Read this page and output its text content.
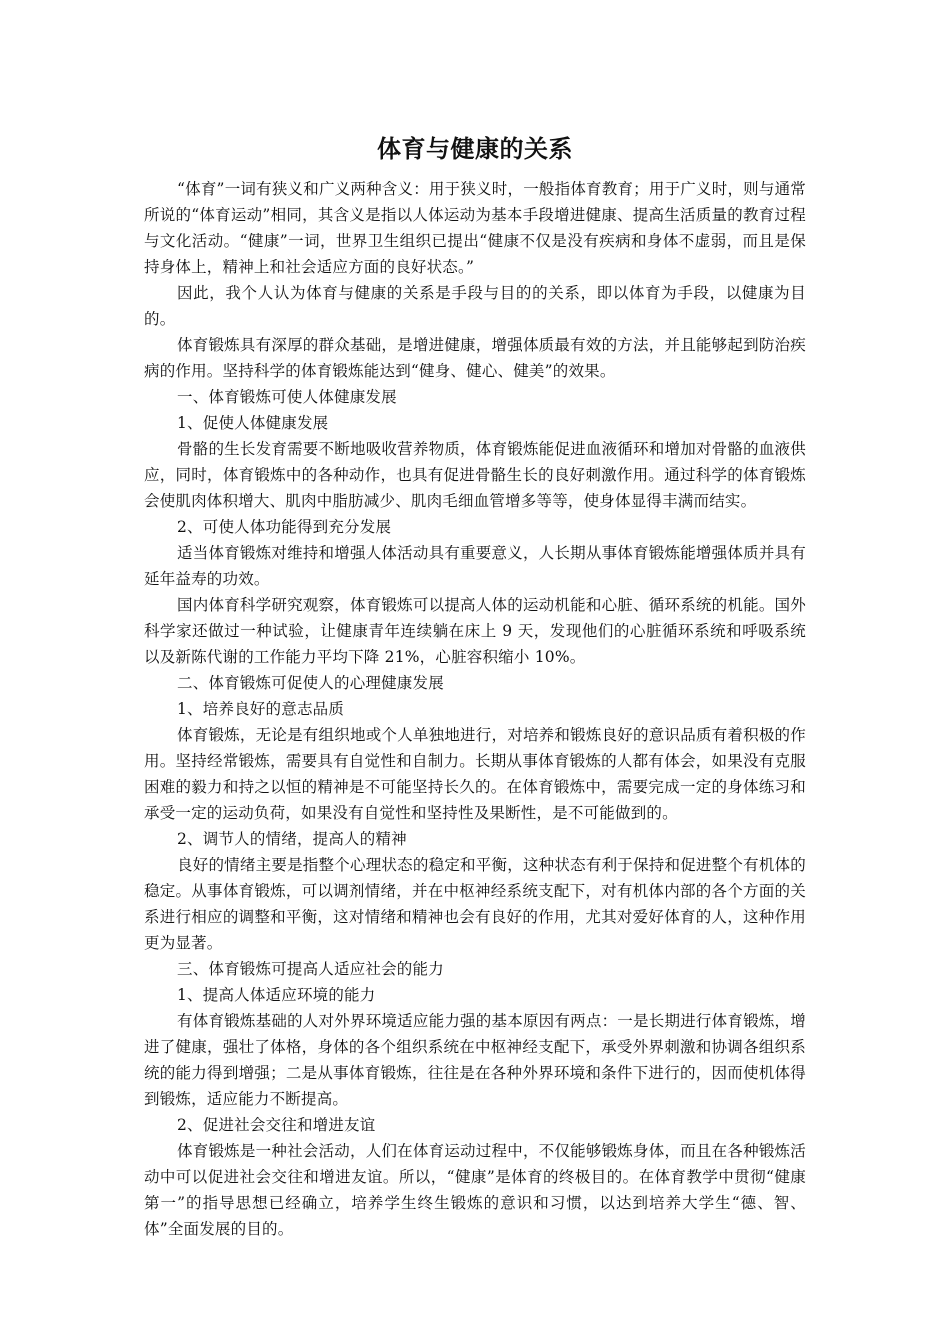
体育与健康的关系

“体育”一词有狭义和广义两种含义：用于狭义时，一般指体育教育；用于广义时，则与通常所说的“体育运动”相同，其含义是指以人体运动为基本手段增进健康、提高生活质量的教育过程与文化活动。“健康”一词，世界卫生组织已提出“健康不仅是没有疾病和身体不虚弱，而且是保持身体上，精神上和社会适应方面的良好状态。”

因此，我个人认为体育与健康的关系是手段与目的的关系，即以体育为手段，以健康为目的。

体育锻炼具有深厚的群众基础，是增进健康，增强体质最有效的方法，并且能够起到防治疾病的作用。坚持科学的体育锻炼能达到“健身、健心、健美”的效果。

一、体育锻炼可使人体健康发展

1、促使人体健康发展

骨骼的生长发育需要不断地吸收营养物质，体育锻炼能促进血液循环和增加对骨骼的血液供应，同时，体育锻炼中的各种动作，也具有促进骨骼生长的良好刺激作用。通过科学的体育锻炼会使肌肉体积增大、肌肉中脂肪减少、肌肉毛细血管增多等等，使身体显得丰满而结实。

2、可使人体功能得到充分发展

适当体育锻炼对维持和增强人体活动具有重要意义，人长期从事体育锻炼能增强体质并具有延年益寿的功效。

国内体育科学研究观察，体育锻炼可以提高人体的运动机能和心脏、循环系统的机能。国外科学家还做过一种试验，让健康青年连续躺在床上 9 天，发现他们的心脏循环系统和呼吸系统以及新陈代谢的工作能力平均下降 21%，心脏容积缩小 10%。

二、体育锻炼可促使人的心理健康发展

1、培养良好的意志品质

体育锻炼，无论是有组织地或个人单独地进行，对培养和锻炼良好的意识品质有着积极的作用。坚持经常锻炼，需要具有自觉性和自制力。长期从事体育锻炼的人都有体会，如果没有克服困难的毅力和持之以恒的精神是不可能坚持长久的。在体育锻炼中，需要完成一定的身体练习和承受一定的运动负荷，如果没有自觉性和坚持性及果断性，是不可能做到的。

2、调节人的情绪，提高人的精神

良好的情绪主要是指整个心理状态的稳定和平衡，这种状态有利于保持和促进整个有机体的稳定。从事体育锻炼，可以调剂情绪，并在中枢神经系统支配下，对有机体内部的各个方面的关系进行相应的调整和平衡，这对情绪和精神也会有良好的作用，尤其对爱好体育的人，这种作用更为显著。

三、体育锻炼可提高人适应社会的能力

1、提高人体适应环境的能力

有体育锻炼基础的人对外界环境适应能力强的基本原因有两点：一是长期进行体育锻炼，增进了健康，强壮了体格，身体的各个组织系统在中枢神经支配下，承受外界刺激和协调各组织系统的能力得到增强；二是从事体育锻炼，往往是在各种外界环境和条件下进行的，因而使机体得到锻炼，适应能力不断提高。

2、促进社会交往和增进友谊

体育锻炼是一种社会活动，人们在体育运动过程中，不仅能够锻炼身体，而且在各种锻炼活动中可以促进社会交往和增进友谊。所以，“健康”是体育的终极目的。在体育教学中贯彻“健康第一”的指导思想已经确立，培养学生终生锻炼的意识和习惯，以达到培养大学生“德、智、体”全面发展的目的。
